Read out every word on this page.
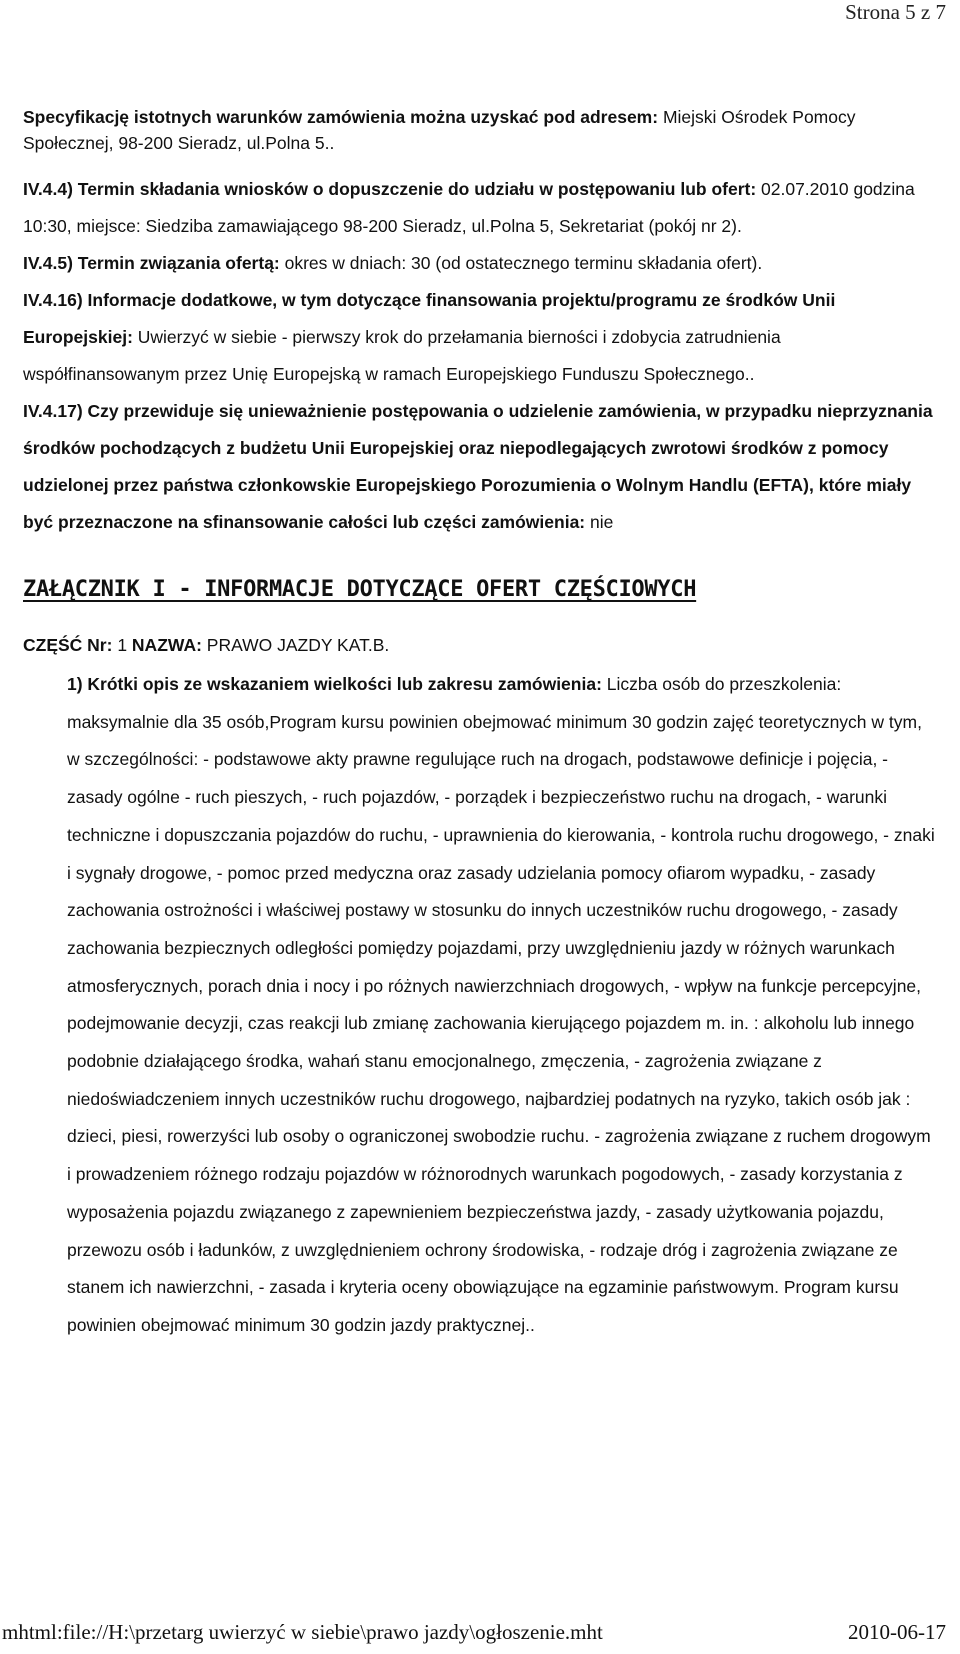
Strona 5 z 7

Specyfikację istotnych warunków zamówienia można uzyskać pod adresem: Miejski Ośrodek Pomocy Społecznej, 98-200 Sieradz, ul.Polna 5..

IV.4.4) Termin składania wniosków o dopuszczenie do udziału w postępowaniu lub ofert: 02.07.2010 godzina 10:30, miejsce: Siedziba zamawiającego 98-200 Sieradz, ul.Polna 5, Sekretariat (pokój nr 2).

IV.4.5) Termin związania ofertą: okres w dniach: 30 (od ostatecznego terminu składania ofert).

IV.4.16) Informacje dodatkowe, w tym dotyczące finansowania projektu/programu ze środków Unii Europejskiej: Uwierzyć w siebie - pierwszy krok do przełamania bierności i zdobycia zatrudnienia współfinansowanym przez Unię Europejską w ramach Europejskiego Funduszu Społecznego..

IV.4.17) Czy przewiduje się unieważnienie postępowania o udzielenie zamówienia, w przypadku nieprzyznania środków pochodzących z budżetu Unii Europejskiej oraz niepodlegających zwrotowi środków z pomocy udzielonej przez państwa członkowskie Europejskiego Porozumienia o Wolnym Handlu (EFTA), które miały być przeznaczone na sfinansowanie całości lub części zamówienia: nie

ZAŁĄCZNIK I - INFORMACJE DOTYCZĄCE OFERT CZĘŚCIOWYCH

CZĘŚĆ Nr: 1 NAZWA: PRAWO JAZDY KAT.B.

1) Krótki opis ze wskazaniem wielkości lub zakresu zamówienia: Liczba osób do przeszkolenia: maksymalnie dla 35 osób,Program kursu powinien obejmować minimum 30 godzin zajęć teoretycznych w tym, w szczególności: - podstawowe akty prawne regulujące ruch na drogach, podstawowe definicje i pojęcia, - zasady ogólne - ruch pieszych, - ruch pojazdów, - porządek i bezpieczeństwo ruchu na drogach, - warunki techniczne i dopuszczania pojazdów do ruchu, - uprawnienia do kierowania, - kontrola ruchu drogowego, - znaki i sygnały drogowe, - pomoc przed medyczna oraz zasady udzielania pomocy ofiarom wypadku, - zasady zachowania ostrożności i właściwej postawy w stosunku do innych uczestników ruchu drogowego, - zasady zachowania bezpiecznych odległości pomiędzy pojazdami, przy uwzględnieniu jazdy w różnych warunkach atmosferycznych, porach dnia i nocy i po różnych nawierzchniach drogowych, - wpływ na funkcje percepcyjne, podejmowanie decyzji, czas reakcji lub zmianę zachowania kierującego pojazdem m. in. : alkoholu lub innego podobnie działającego środka, wahań stanu emocjonalnego, zmęczenia, - zagrożenia związane z niedoświadczeniem innych uczestników ruchu drogowego, najbardziej podatnych na ryzyko, takich osób jak : dzieci, piesi, rowerzyści lub osoby o ograniczonej swobodzie ruchu. - zagrożenia związane z ruchem drogowym i prowadzeniem różnego rodzaju pojazdów w różnorodnych warunkach pogodowych, - zasady korzystania z wyposażenia pojazdu związanego z zapewnieniem bezpieczeństwa jazdy, - zasady użytkowania pojazdu, przewozu osób i ładunków, z uwzględnieniem ochrony środowiska, - rodzaje dróg i zagrożenia związane ze stanem ich nawierzchni, - zasada i kryteria oceny obowiązujące na egzaminie państwowym. Program kursu powinien obejmować minimum 30 godzin jazdy praktycznej..

mhtml:file://H:\przetarg uwierzyć w siebie\prawo jazdy\ogłoszenie.mht	2010-06-17
